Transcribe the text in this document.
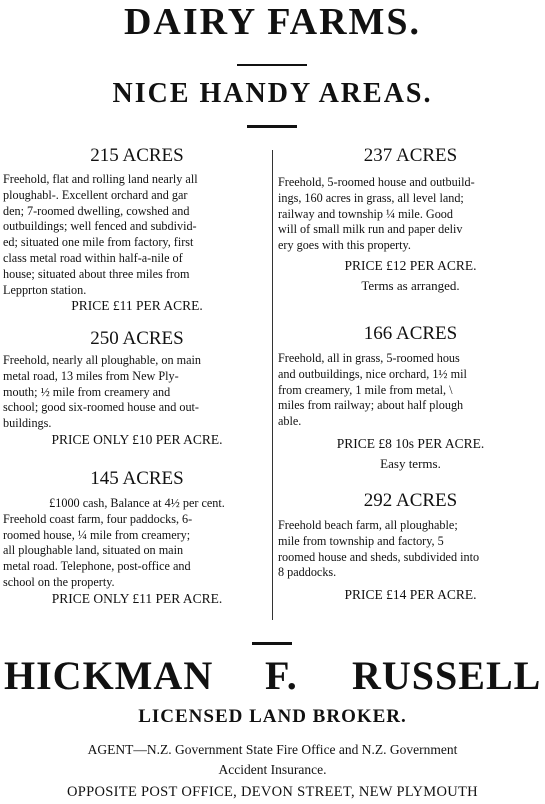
DAIRY FARMS.
NICE HANDY AREAS.
215 ACRES
Freehold, flat and rolling land nearly all
ploughabl-. Excellent orchard and gar
den; 7-roomed dwelling, cowshed and
outbuildings; well fenced and subdivid-
ed; situated one mile from factory, first
class metal road within half-a-nile of
house; situated about three miles from
Lepprton station.
PRICE £11 PER ACRE.
250 ACRES
Freehold, nearly all ploughable, on main
metal road, 13 miles from New Ply-
mouth; ½ mile from creamery and
school; good six-roomed house and out-
buildings.
PRICE ONLY £10 PER ACRE.
145 ACRES
£1000 cash, Balance at 4½ per cent.
Freehold coast farm, four paddocks, 6-
roomed house, ¼ mile from creamery;
all ploughable land, situated on main
metal road. Telephone, post-office and
school on the property.
PRICE ONLY £11 PER ACRE.
237 ACRES
Freehold, 5-roomed house and outbuild-
ings, 160 acres in grass, all level land;
railway and township ¼ mile. Good
will of small milk run and paper deliv
ery goes with this property.
PRICE £12 PER ACRE.
Terms as arranged.
166 ACRES
Freehold, all in grass, 5-roomed hous
and outbuildings, nice orchard, 1½ mil
from creamery, 1 mile from metal, \
miles from railway; about half plough
able.
PRICE £8 10s PER ACRE.
Easy terms.
292 ACRES
Freehold beach farm, all ploughable;
mile from township and factory, 5
roomed house and sheds, subdivided into
8 paddocks.
PRICE £14 PER ACRE.
HICKMAN F. RUSSELL
LICENSED LAND BROKER.
AGENT—N.Z. Government State Fire Office and N.Z. Government
Accident Insurance.
OPPOSITE POST OFFICE, DEVON STREET, NEW PLYMOUTH
